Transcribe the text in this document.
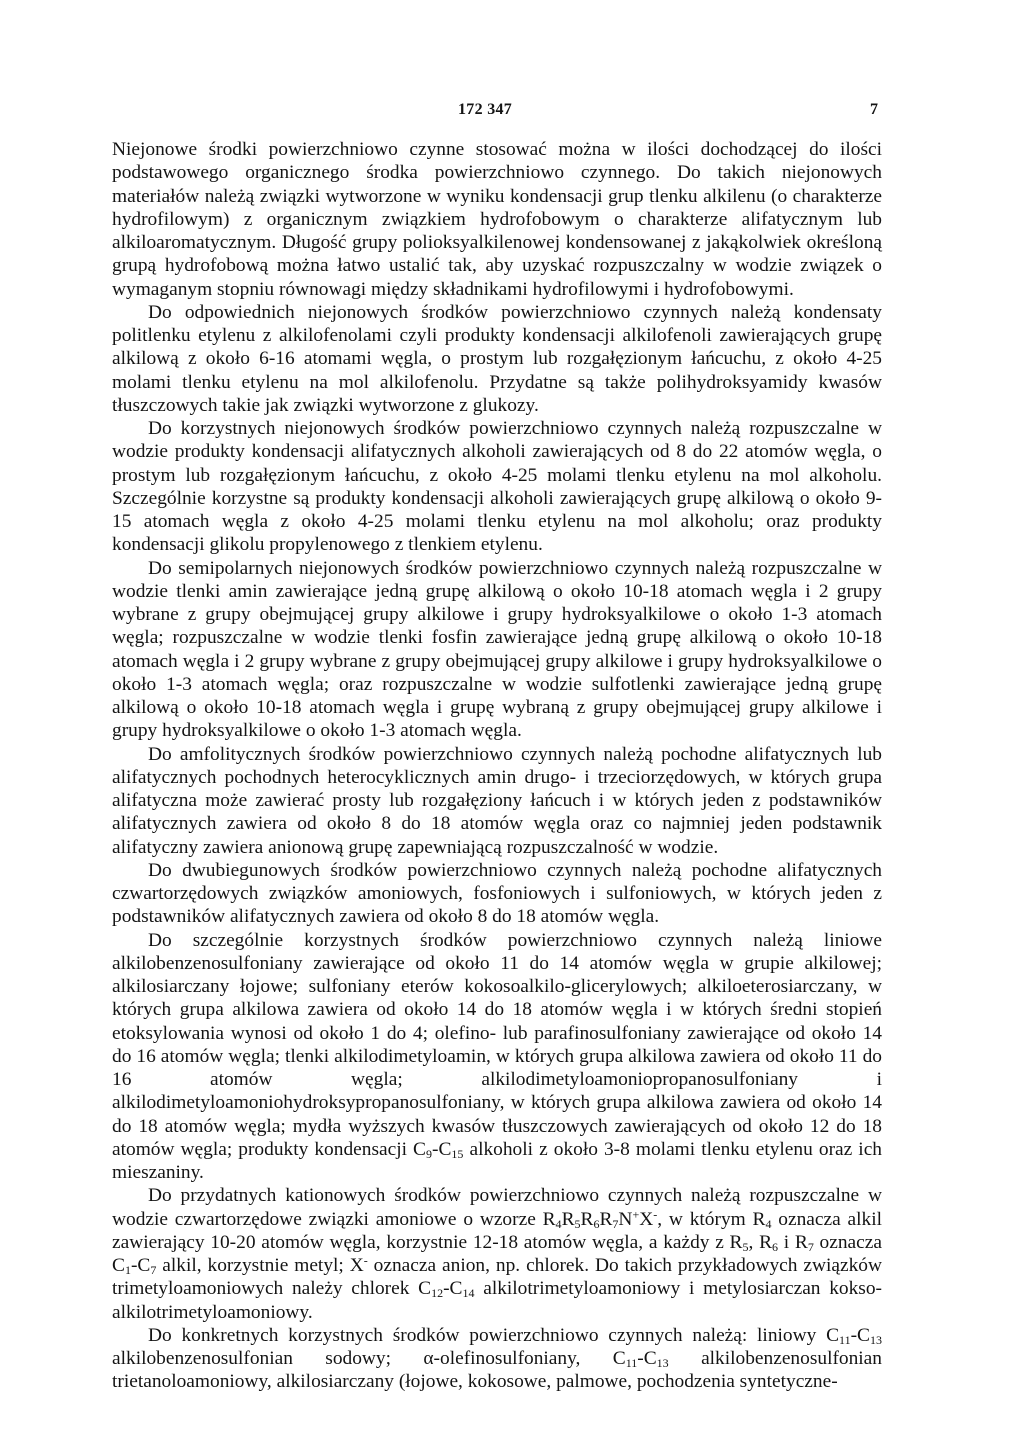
172 347	7

Niejonowe środki powierzchniowo czynne stosować można w ilości dochodzącej do ilości podstawowego organicznego środka powierzchniowo czynnego. Do takich niejonowych materiałów należą związki wytworzone w wyniku kondensacji grup tlenku alkilenu (o charakterze hydrofilowym) z organicznym związkiem hydrofobowym o charakterze alifatycznym lub alkiloaromatycznym. Długość grupy polioksyalkilenowej kondensowanej z jakąkolwiek określoną grupą hydrofobową można łatwo ustalić tak, aby uzyskać rozpuszczalny w wodzie związek o wymaganym stopniu równowagi między składnikami hydrofilowymi i hydrofobowymi.

Do odpowiednich niejonowych środków powierzchniowo czynnych należą kondensaty politlenku etylenu z alkilofenolami czyli produkty kondensacji alkilofenoli zawierających grupę alkilową z około 6-16 atomami węgla, o prostym lub rozgałęzionym łańcuchu, z około 4-25 molami tlenku etylenu na mol alkilofenolu. Przydatne są także polihydroksyamidy kwasów tłuszczowych takie jak związki wytworzone z glukozy.

Do korzystnych niejonowych środków powierzchniowo czynnych należą rozpuszczalne w wodzie produkty kondensacji alifatycznych alkoholi zawierających od 8 do 22 atomów węgla, o prostym lub rozgałęzionym łańcuchu, z około 4-25 molami tlenku etylenu na mol alkoholu. Szczególnie korzystne są produkty kondensacji alkoholi zawierających grupę alkilową o około 9-15 atomach węgla z około 4-25 molami tlenku etylenu na mol alkoholu; oraz produkty kondensacji glikolu propylenowego z tlenkiem etylenu.

Do semipolarnych niejonowych środków powierzchniowo czynnych należą rozpuszczalne w wodzie tlenki amin zawierające jedną grupę alkilową o około 10-18 atomach węgla i 2 grupy wybrane z grupy obejmującej grupy alkilowe i grupy hydroksyalkilowe o około 1-3 atomach węgla; rozpuszczalne w wodzie tlenki fosfin zawierające jedną grupę alkilową o około 10-18 atomach węgla i 2 grupy wybrane z grupy obejmującej grupy alkilowe i grupy hydroksyalkilowe o około 1-3 atomach węgla; oraz rozpuszczalne w wodzie sulfotlenki zawierające jedną grupę alkilową o około 10-18 atomach węgla i grupę wybraną z grupy obejmującej grupy alkilowe i grupy hydroksyalkilowe o około 1-3 atomach węgla.

Do amfolitycznych środków powierzchniowo czynnych należą pochodne alifatycznych lub alifatycznych pochodnych heterocyklicznych amin drugo- i trzeciorzędowych, w których grupa alifatyczna może zawierać prosty lub rozgałęziony łańcuch i w których jeden z podstawników alifatycznych zawiera od około 8 do 18 atomów węgla oraz co najmniej jeden podstawnik alifatyczny zawiera anionową grupę zapewniającą rozpuszczalność w wodzie.

Do dwubiegunowych środków powierzchniowo czynnych należą pochodne alifatycznych czwartorzędowych związków amoniowych, fosfoniowych i sulfoniowych, w których jeden z podstawników alifatycznych zawiera od około 8 do 18 atomów węgla.

Do szczególnie korzystnych środków powierzchniowo czynnych należą liniowe alkilobenzenosulfoniany zawierające od około 11 do 14 atomów węgla w grupie alkilowej; alkilosiarczany łojowe; sulfoniany eterów kokosoalkilo-glicerylowych; alkiloeterosiarczany, w których grupa alkilowa zawiera od około 14 do 18 atomów węgla i w których średni stopień etoksylowania wynosi od około 1 do 4; olefino- lub parafinosulfoniany zawierające od około 14 do 16 atomów węgla; tlenki alkilodimetyloamin, w których grupa alkilowa zawiera od około 11 do 16 atomów węgla; alkilodimetyloamoniopropanosulfoniany i alkilodimetyloamoniohydroksypropanosulfoniany, w których grupa alkilowa zawiera od około 14 do 18 atomów węgla; mydła wyższych kwasów tłuszczowych zawierających od około 12 do 18 atomów węgla; produkty kondensacji $C_9-C_{15}$ alkoholi z około 3-8 molami tlenku etylenu oraz ich mieszaniny.

Do przydatnych kationowych środków powierzchniowo czynnych należą rozpuszczalne w wodzie czwartorzędowe związki amoniowe o wzorze $R_4R_5R_6R_7N^+X^-$, w którym $R_4$ oznacza alkil zawierający 10-20 atomów węgla, korzystnie 12-18 atomów węgla, a każdy z $R_5$, $R_6$ i $R_7$ oznacza $C_1-C_7$ alkil, korzystnie metyl; X- oznacza anion, np. chlorek. Do takich przykładowych związków trimetyloamoniowych należy chlorek $C_{12}-C_{14}$ alkilotrimetyloamoniowy i metylosiarczan kokso-alkilotrimetyloamoniowy.

Do konkretnych korzystnych środków powierzchniowo czynnych należą: liniowy $C_{11}-C_{13}$ alkilobenzenosulfonian sodowy; α-olefinosulfoniany, $C_{11}-C_{13}$ alkilobenzenosulfonian trietanoloamoniowy, alkilosiarczany (łojowe, kokosowe, palmowe, pochodzenia syntetyczne-
